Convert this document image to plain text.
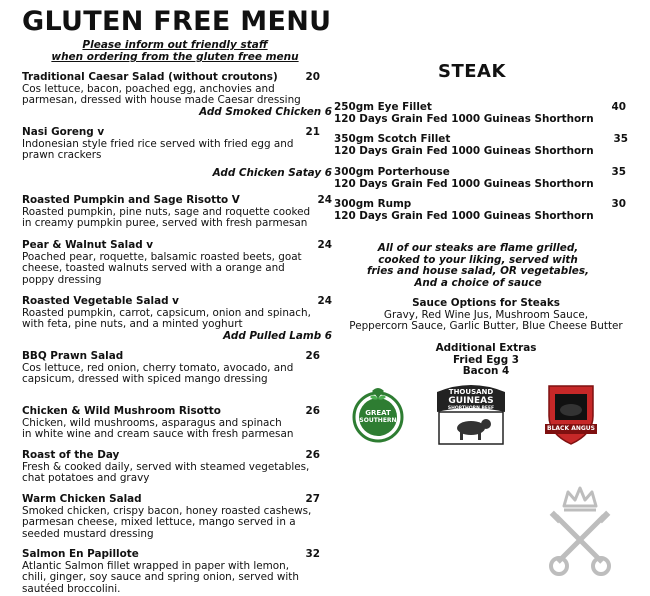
GLUTEN FREE MENU
Please inform out friendly staff
when ordering from the gluten free menu
Traditional Caesar Salad (without croutons)	20
Cos lettuce, bacon, poached egg, anchovies and
parmesan, dressed with house made Caesar dressing
Add Smoked Chicken 6
Nasi Goreng v	21
Indonesian style fried rice served with fried egg and
prawn crackers
Add Chicken Satay 6
Roasted Pumpkin and Sage Risotto V	24
Roasted pumpkin, pine nuts, sage and roquette cooked
in creamy pumpkin puree, served with fresh parmesan
Pear & Walnut Salad v	24
Poached pear, roquette, balsamic roasted beets, goat
cheese, toasted walnuts served with a orange and
poppy dressing
Roasted Vegetable Salad v	24
Roasted pumpkin, carrot, capsicum, onion and spinach,
with feta, pine nuts, and a minted yoghurt
Add Pulled Lamb 6
BBQ Prawn Salad	26
Cos lettuce, red onion, cherry tomato, avocado, and
capsicum, dressed with spiced mango dressing
Chicken & Wild Mushroom Risotto	26
Chicken, wild mushrooms, asparagus and spinach
in white wine and cream sauce with fresh parmesan
Roast of the Day	26
Fresh & cooked daily, served with steamed vegetables,
chat potatoes and gravy
Warm Chicken Salad	27
Smoked chicken, crispy bacon, honey roasted cashews,
parmesan cheese, mixed lettuce, mango served in a
seeded mustard dressing
Salmon En Papillote	32
Atlantic Salmon fillet wrapped in paper with lemon,
chili, ginger, soy sauce and spring onion, served with
sautéed broccolini.
STEAK
250gm Eye Fillet	40
120 Days Grain Fed 1000 Guineas Shorthorn
350gm Scotch Fillet	35
120 Days Grain Fed 1000 Guineas Shorthorn
300gm Porterhouse	35
120 Days Grain Fed 1000 Guineas Shorthorn
300gm Rump	30
120 Days Grain Fed 1000 Guineas Shorthorn
All of our steaks are flame grilled,
cooked to your liking, served with
fries and house salad, OR vegetables,
And a choice of sauce
Sauce Options for Steaks
Gravy, Red Wine Jus, Mushroom Sauce,
Peppercorn Sauce, Garlic Butter, Blue Cheese Butter
Additional Extras
Fried Egg 3
Bacon 4
GREAT
SOUTHERN
THOUSAND
GUINEAS
SHORTHORN BEEF
BLACK ANGUS
